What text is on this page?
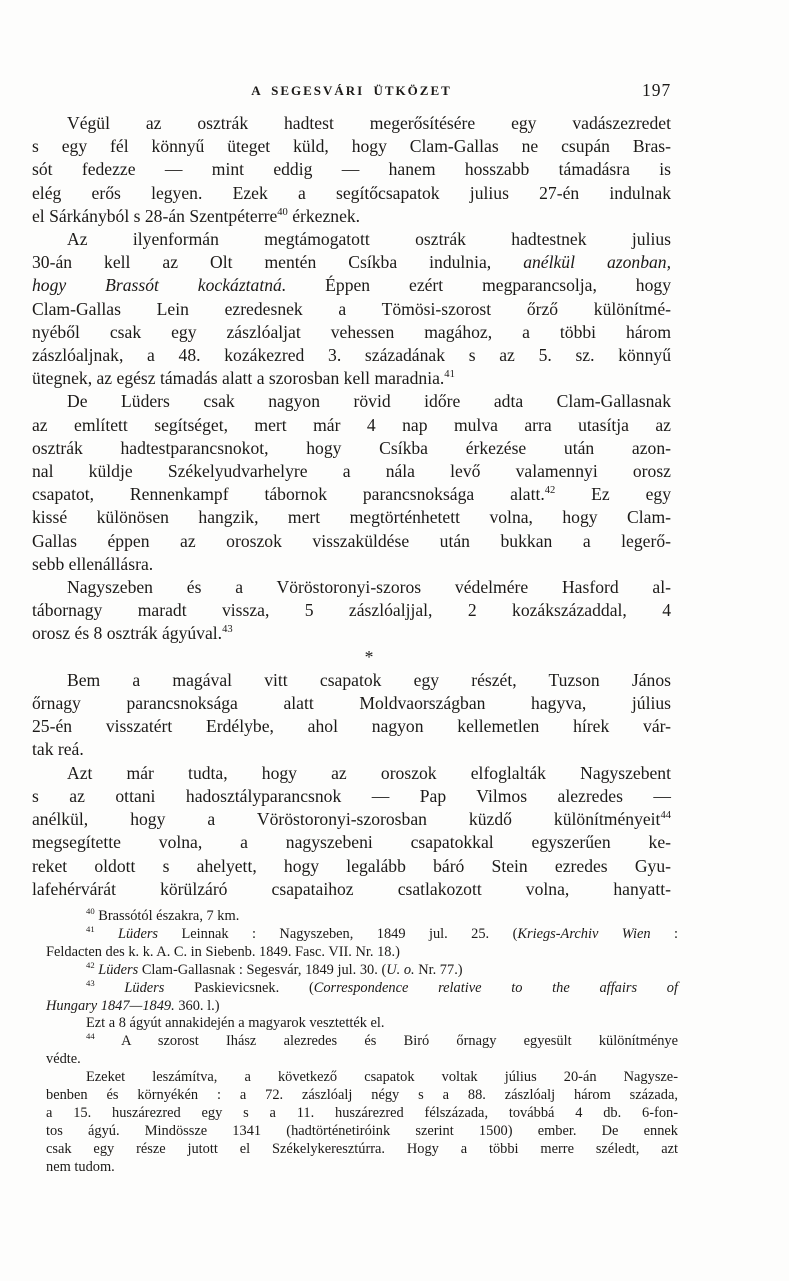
A SEGESVÁRI ÜTKÖZET	197
Végül az osztrák hadtest megerősítésére egy vadászezredet
s egy fél könnyű üteget küld, hogy Clam-Gallas ne csupán Bras-
sót fedezze — mint eddig — hanem hosszabb támadásra is
elég erős legyen. Ezek a segítőcsapatok julius 27-én indulnak
el Sárkányból s 28-án Szentpéterre$^{40}$ érkeznek.
Az ilyenformán megtámogatott osztrák hadtestnek julius
30-án kell az Olt mentén Csíkba indulnia, anélkül azonban,
hogy Brassót kockáztatná. Éppen ezért megparancsolja, hogy
Clam-Gallas Lein ezredesnek a Tömösi-szorost őrző különítmé-
nyéből csak egy zászlóaljat vehessen magához, a többi három
zászlóaljnak, a 48. kozákezred 3. századának s az 5. sz. könnyű
ütegnek, az egész támadás alatt a szorosban kell maradnia.$^{41}$
De Lüders csak nagyon rövid időre adta Clam-Gallasnak
az említett segítséget, mert már 4 nap mulva arra utasítja az
osztrák hadtestparancsnokot, hogy Csíkba érkezése után azon-
nal küldje Székelyudvarhelyre a nála levő valamennyi orosz
csapatot, Rennenkampf tábornok parancsnoksága alatt.$^{42}$ Ez egy
kissé különösen hangzik, mert megtörténhetett volna, hogy Clam-
Gallas éppen az oroszok visszaküldése után bukkan a legerő-
sebb ellenállásra.
Nagyszeben és a Vöröstoronyi-szoros védelmére Hasford al-
tábornagy maradt vissza, 5 zászlóaljjal, 2 kozákszázaddal, 4
orosz és 8 osztrák ágyúval.$^{43}$
*
Bem a magával vitt csapatok egy részét, Tuzson János
őrnagy parancsnoksága alatt Moldvaországban hagyva, július
25-én visszatért Erdélybe, ahol nagyon kellemetlen hírek vár-
tak reá.
Azt már tudta, hogy az oroszok elfoglalták Nagyszebent
s az ottani hadosztályparancsnok — Pap Vilmos alezredes —
anélkül, hogy a Vöröstoronyi-szorosban küzdő különítményeit$^{44}$
megsegítette volna, a nagyszebeni csapatokkal egyszerűen ke-
reket oldott s ahelyett, hogy legalább báró Stein ezredes Gyu-
lafehérvárát körülzáró csapataihoz csatlakozott volna, hanyatt-
$^{40}$ Brassótól északra, 7 km.
$^{41}$ Lüders Leinnak : Nagyszeben, 1849 jul. 25. (Kriegs-Archiv Wien :
Feldacten des k. k. A. C. in Siebenb. 1849. Fasc. VII. Nr. 18.)
$^{42}$ Lüders Clam-Gallasnak : Segesvár, 1849 jul. 30. (U. o. Nr. 77.)
$^{43}$ Lüders Paskievicsnek. (Correspondence relative to the affairs of
Hungary 1847—1849. 360. l.)
Ezt a 8 ágyút annakidején a magyarok vesztették el.
$^{44}$ A szorost Ihász alezredes és Biró őrnagy egyesült különítménye
védte.
Ezeket leszámítva, a következő csapatok voltak július 20-án Nagysze-
benben és környékén : a 72. zászlóalj négy s a 88. zászlóalj három százada,
a 15. huszárezred egy s a 11. huszárezred félszázada, továbbá 4 db. 6-fon-
tos ágyú. Mindössze 1341 (hadtörténetiróink szerint 1500) ember. De ennek
csak egy része jutott el Székelykeresztúrra. Hogy a többi merre széledt, azt
nem tudom.
